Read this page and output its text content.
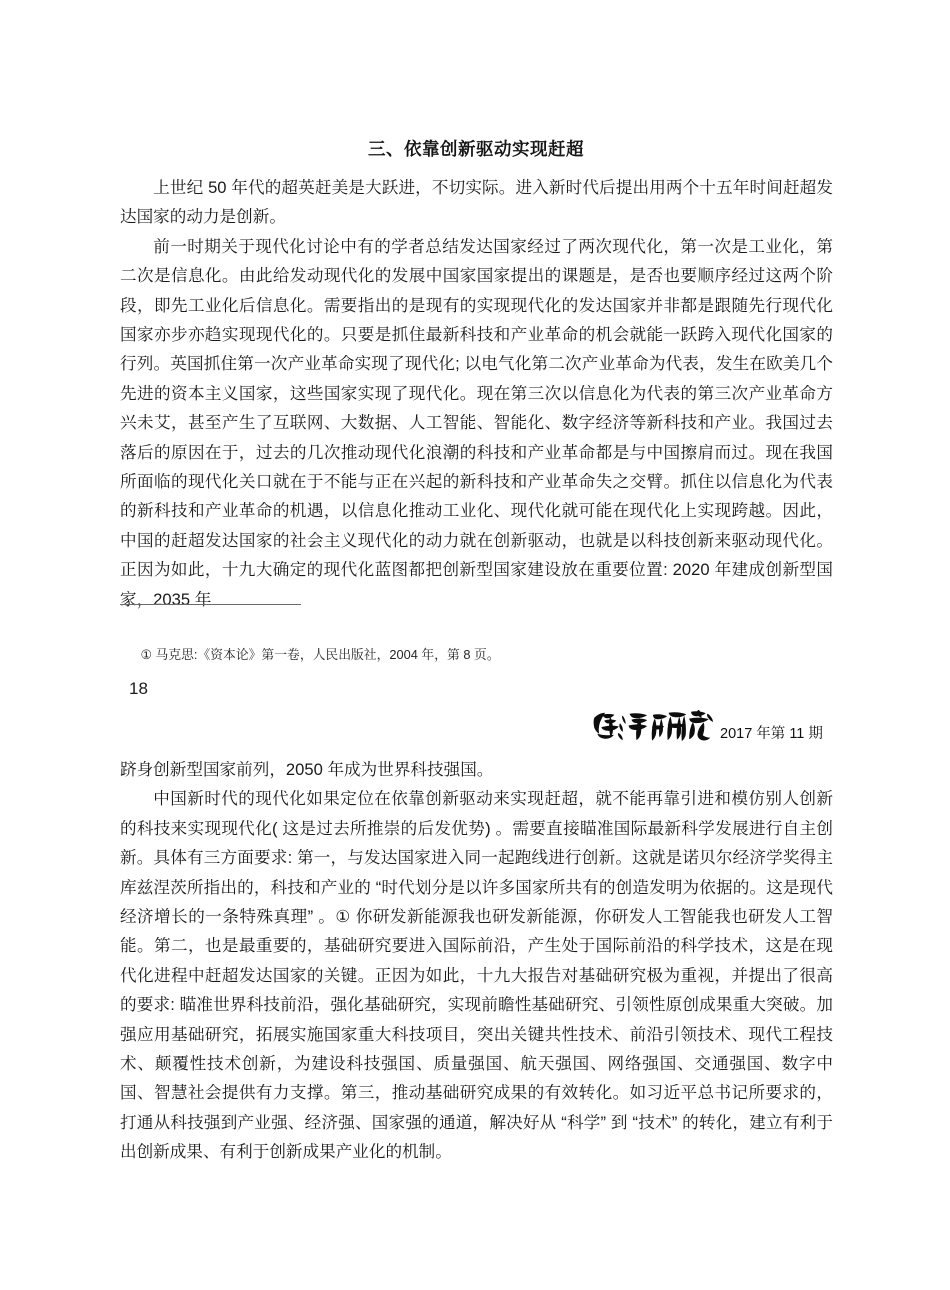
三、依靠创新驱动实现赶超

上世纪 50 年代的超英赶美是大跃进，不切实际。进入新时代后提出用两个十五年时间赶超发达国家的动力是创新。

前一时期关于现代化讨论中有的学者总结发达国家经过了两次现代化，第一次是工业化，第二次是信息化。由此给发动现代化的发展中国家国家提出的课题是，是否也要顺序经过这两个阶段，即先工业化后信息化。需要指出的是现有的实现现代化的发达国家并非都是跟随先行现代化国家亦步亦趋实现现代化的。只要是抓住最新科技和产业革命的机会就能一跃跨入现代化国家的行列。英国抓住第一次产业革命实现了现代化; 以电气化第二次产业革命为代表，发生在欧美几个先进的资本主义国家，这些国家实现了现代化。现在第三次以信息化为代表的第三次产业革命方兴未艾，甚至产生了互联网、大数据、人工智能、智能化、数字经济等新科技和产业。我国过去落后的原因在于，过去的几次推动现代化浪潮的科技和产业革命都是与中国擦肩而过。现在我国所面临的现代化关口就在于不能与正在兴起的新科技和产业革命失之交臂。抓住以信息化为代表的新科技和产业革命的机遇，以信息化推动工业化、现代化就可能在现代化上实现跨越。因此，中国的赶超发达国家的社会主义现代化的动力就在创新驱动，也就是以科技创新来驱动现代化。正因为如此，十九大确定的现代化蓝图都把创新型国家建设放在重要位置: 2020 年建成创新型国家，2035 年

① 马克思:《资本论》第一卷，人民出版社，2004 年，第 8 页。
18
2017 年第 11 期

跻身创新型国家前列，2050 年成为世界科技强国。

中国新时代的现代化如果定位在依靠创新驱动来实现赶超，就不能再靠引进和模仿别人创新的科技来实现现代化( 这是过去所推崇的后发优势) 。需要直接瞄准国际最新科学发展进行自主创新。具体有三方面要求: 第一，与发达国家进入同一起跑线进行创新。这就是诺贝尔经济学奖得主库兹涅茨所指出的，科技和产业的 “时代划分是以许多国家所共有的创造发明为依据的。这是现代经济增长的一条特殊真理” 。① 你研发新能源我也研发新能源，你研发人工智能我也研发人工智能。第二，也是最重要的，基础研究要进入国际前沿，产生处于国际前沿的科学技术，这是在现代化进程中赶超发达国家的关键。正因为如此，十九大报告对基础研究极为重视，并提出了很高的要求: 瞄准世界科技前沿，强化基础研究，实现前瞻性基础研究、引领性原创成果重大突破。加强应用基础研究，拓展实施国家重大科技项目，突出关键共性技术、前沿引领技术、现代工程技术、颠覆性技术创新，为建设科技强国、质量强国、航天强国、网络强国、交通强国、数字中国、智慧社会提供有力支撑。第三，推动基础研究成果的有效转化。如习近平总书记所要求的，打通从科技强到产业强、经济强、国家强的通道，解决好从 “科学” 到 “技术” 的转化，建立有利于出创新成果、有利于创新成果产业化的机制。
